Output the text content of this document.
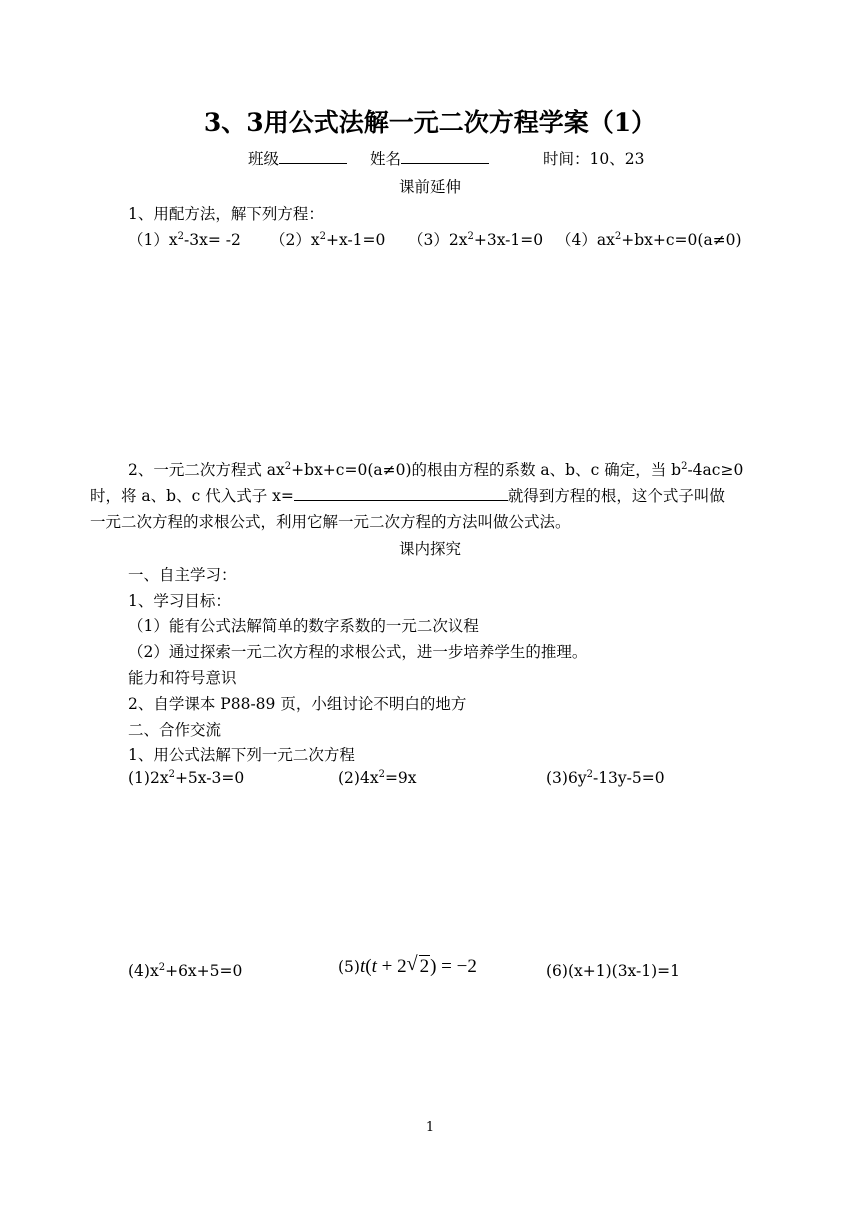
3、3用公式法解一元二次方程学案（1）
班级	姓名	时间：10、23
课前延伸
1、用配方法，解下列方程：
$(1)x^2-3x= -2$ $(2)x^2+x-1=0$ $(3)2x^2+3x-1=0$ $(4)ax^2+bx+c=0(a\ne 0)$
2、一元二次方程式 $ax^2+bx+c=0(a\ne 0)$的根由方程的系数 a、b、c 确定，当 $b^2-4ac\ge 0$
时，将 a、b、c 代入式子 x=	就得到方程的根，这个式子叫做
一元二次方程的求根公式，利用它解一元二次方程的方法叫做公式法。
课内探究
一、自主学习：
1、学习目标：
（1）能有公式法解简单的数字系数的一元二次议程
（2）通过探索一元二次方程的求根公式，进一步培养学生的推理。
能力和符号意识
2、自学课本 P88-89 页，小组讨论不明白的地方
二、合作交流
1、用公式法解下列一元二次方程
$(1)2x^2+5x-3=0$	$(2)4x^2=9x$	$(3)6y^2-13y-5=0$
$(4)x^2+6x+5=0$	(5)t(t + 2√ 2) = −2	(6)(x+1)(3x-1)=1
1
